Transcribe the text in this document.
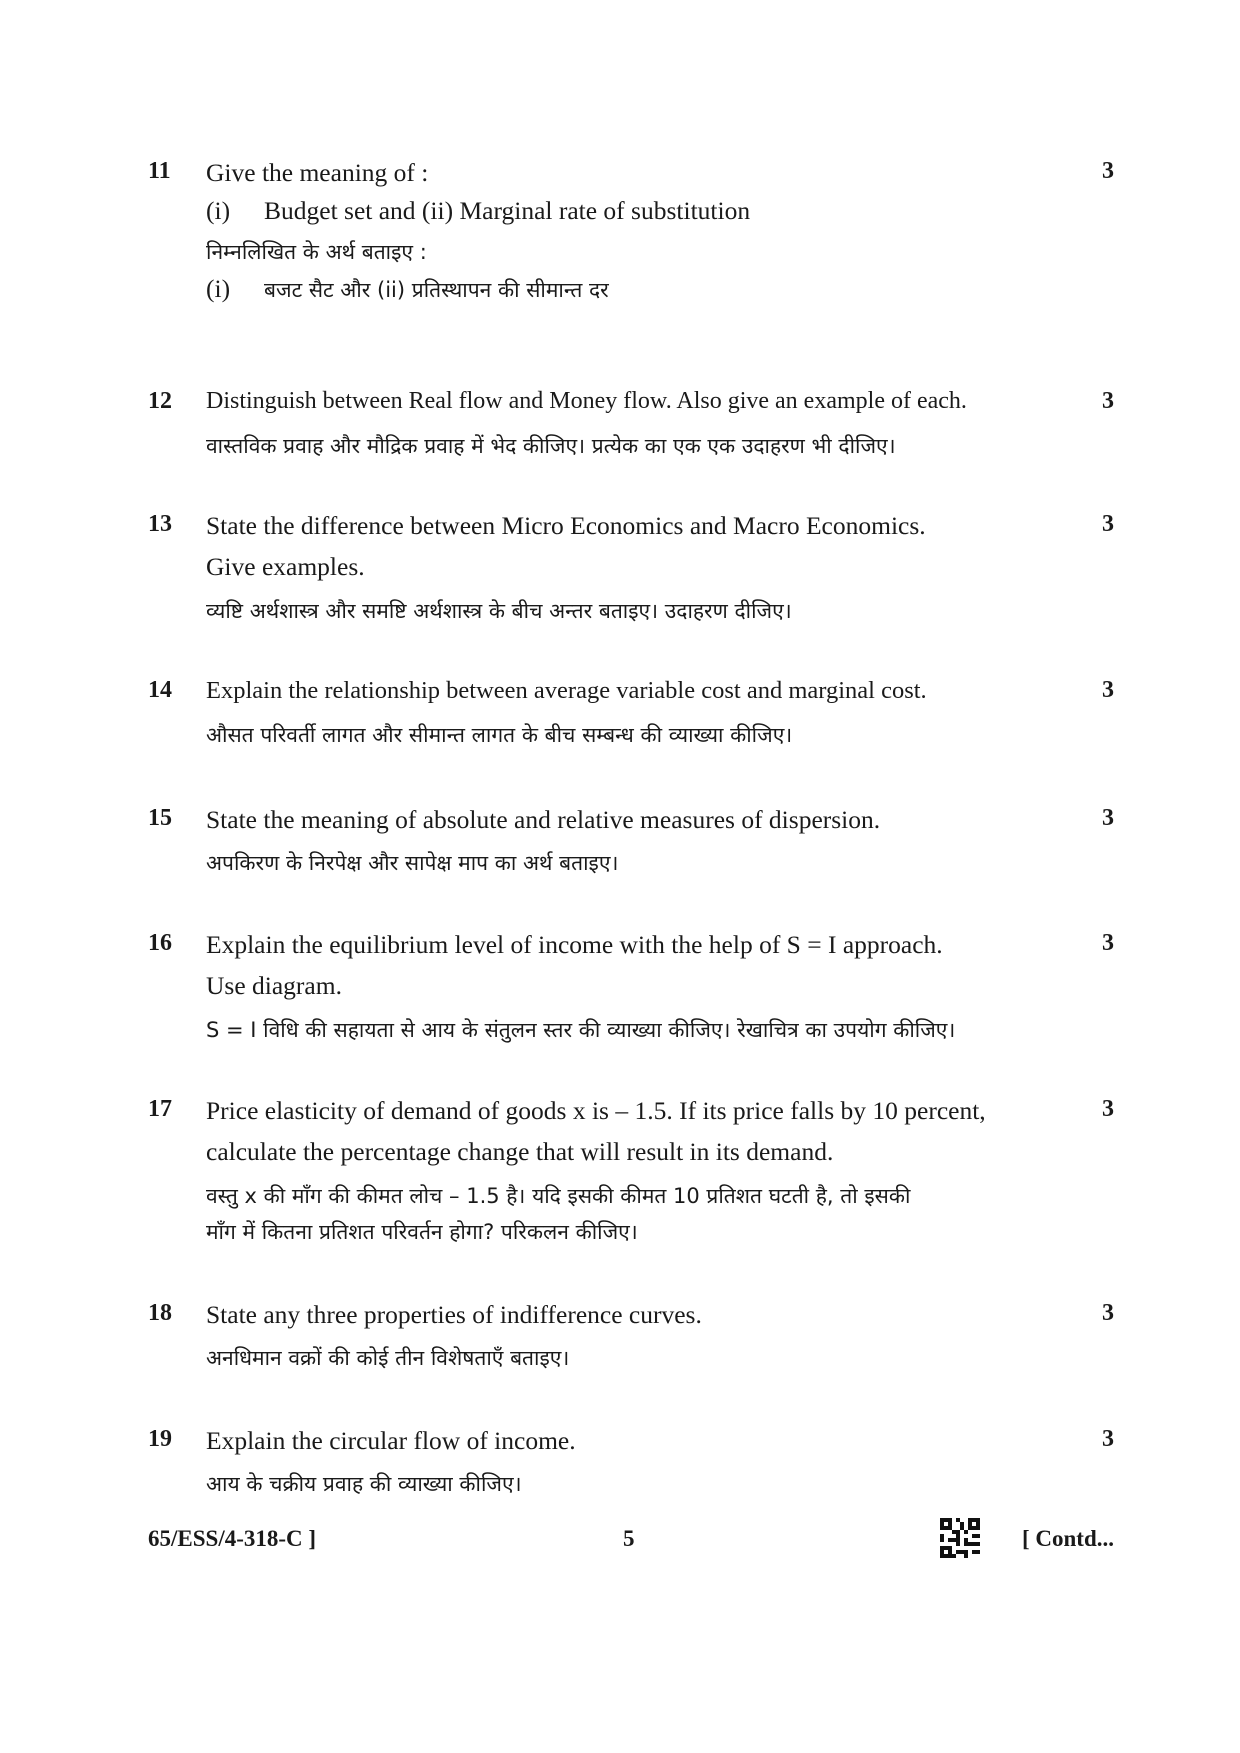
11	3
Give the meaning of :
(i) Budget set and (ii) Marginal rate of substitution
निम्नलिखित के अर्थ बताइए :
(i) बजट सैट और (ii) प्रतिस्थापन की सीमान्त दर
12	3
Distinguish between Real flow and Money flow. Also give an example of each.
वास्तविक प्रवाह और मौद्रिक प्रवाह में भेद कीजिए। प्रत्येक का एक एक उदाहरण भी दीजिए।
13	3
State the difference between Micro Economics and Macro Economics.
Give examples.
व्यष्टि अर्थशास्त्र और समष्टि अर्थशास्त्र के बीच अन्तर बताइए। उदाहरण दीजिए।
14	3
Explain the relationship between average variable cost and marginal cost.
औसत परिवर्ती लागत और सीमान्त लागत के बीच सम्बन्ध की व्याख्या कीजिए।
15	3
State the meaning of absolute and relative measures of dispersion.
अपकिरण के निरपेक्ष और सापेक्ष माप का अर्थ बताइए।
16	3
Explain the equilibrium level of income with the help of S = I approach.
Use diagram.
S = I विधि की सहायता से आय के संतुलन स्तर की व्याख्या कीजिए। रेखाचित्र का उपयोग कीजिए।
17	3
Price elasticity of demand of goods x is – 1.5. If its price falls by 10 percent,
calculate the percentage change that will result in its demand.
वस्तु x की माँग की कीमत लोच – 1.5 है। यदि इसकी कीमत 10 प्रतिशत घटती है, तो इसकी
माँग में कितना प्रतिशत परिवर्तन होगा? परिकलन कीजिए।
18	3
State any three properties of indifference curves.
अनधिमान वक्रों की कोई तीन विशेषताएँ बताइए।
19	3
Explain the circular flow of income.
आय के चक्रीय प्रवाह की व्याख्या कीजिए।
65/ESS/4-318-C ]	5	[ Contd...
